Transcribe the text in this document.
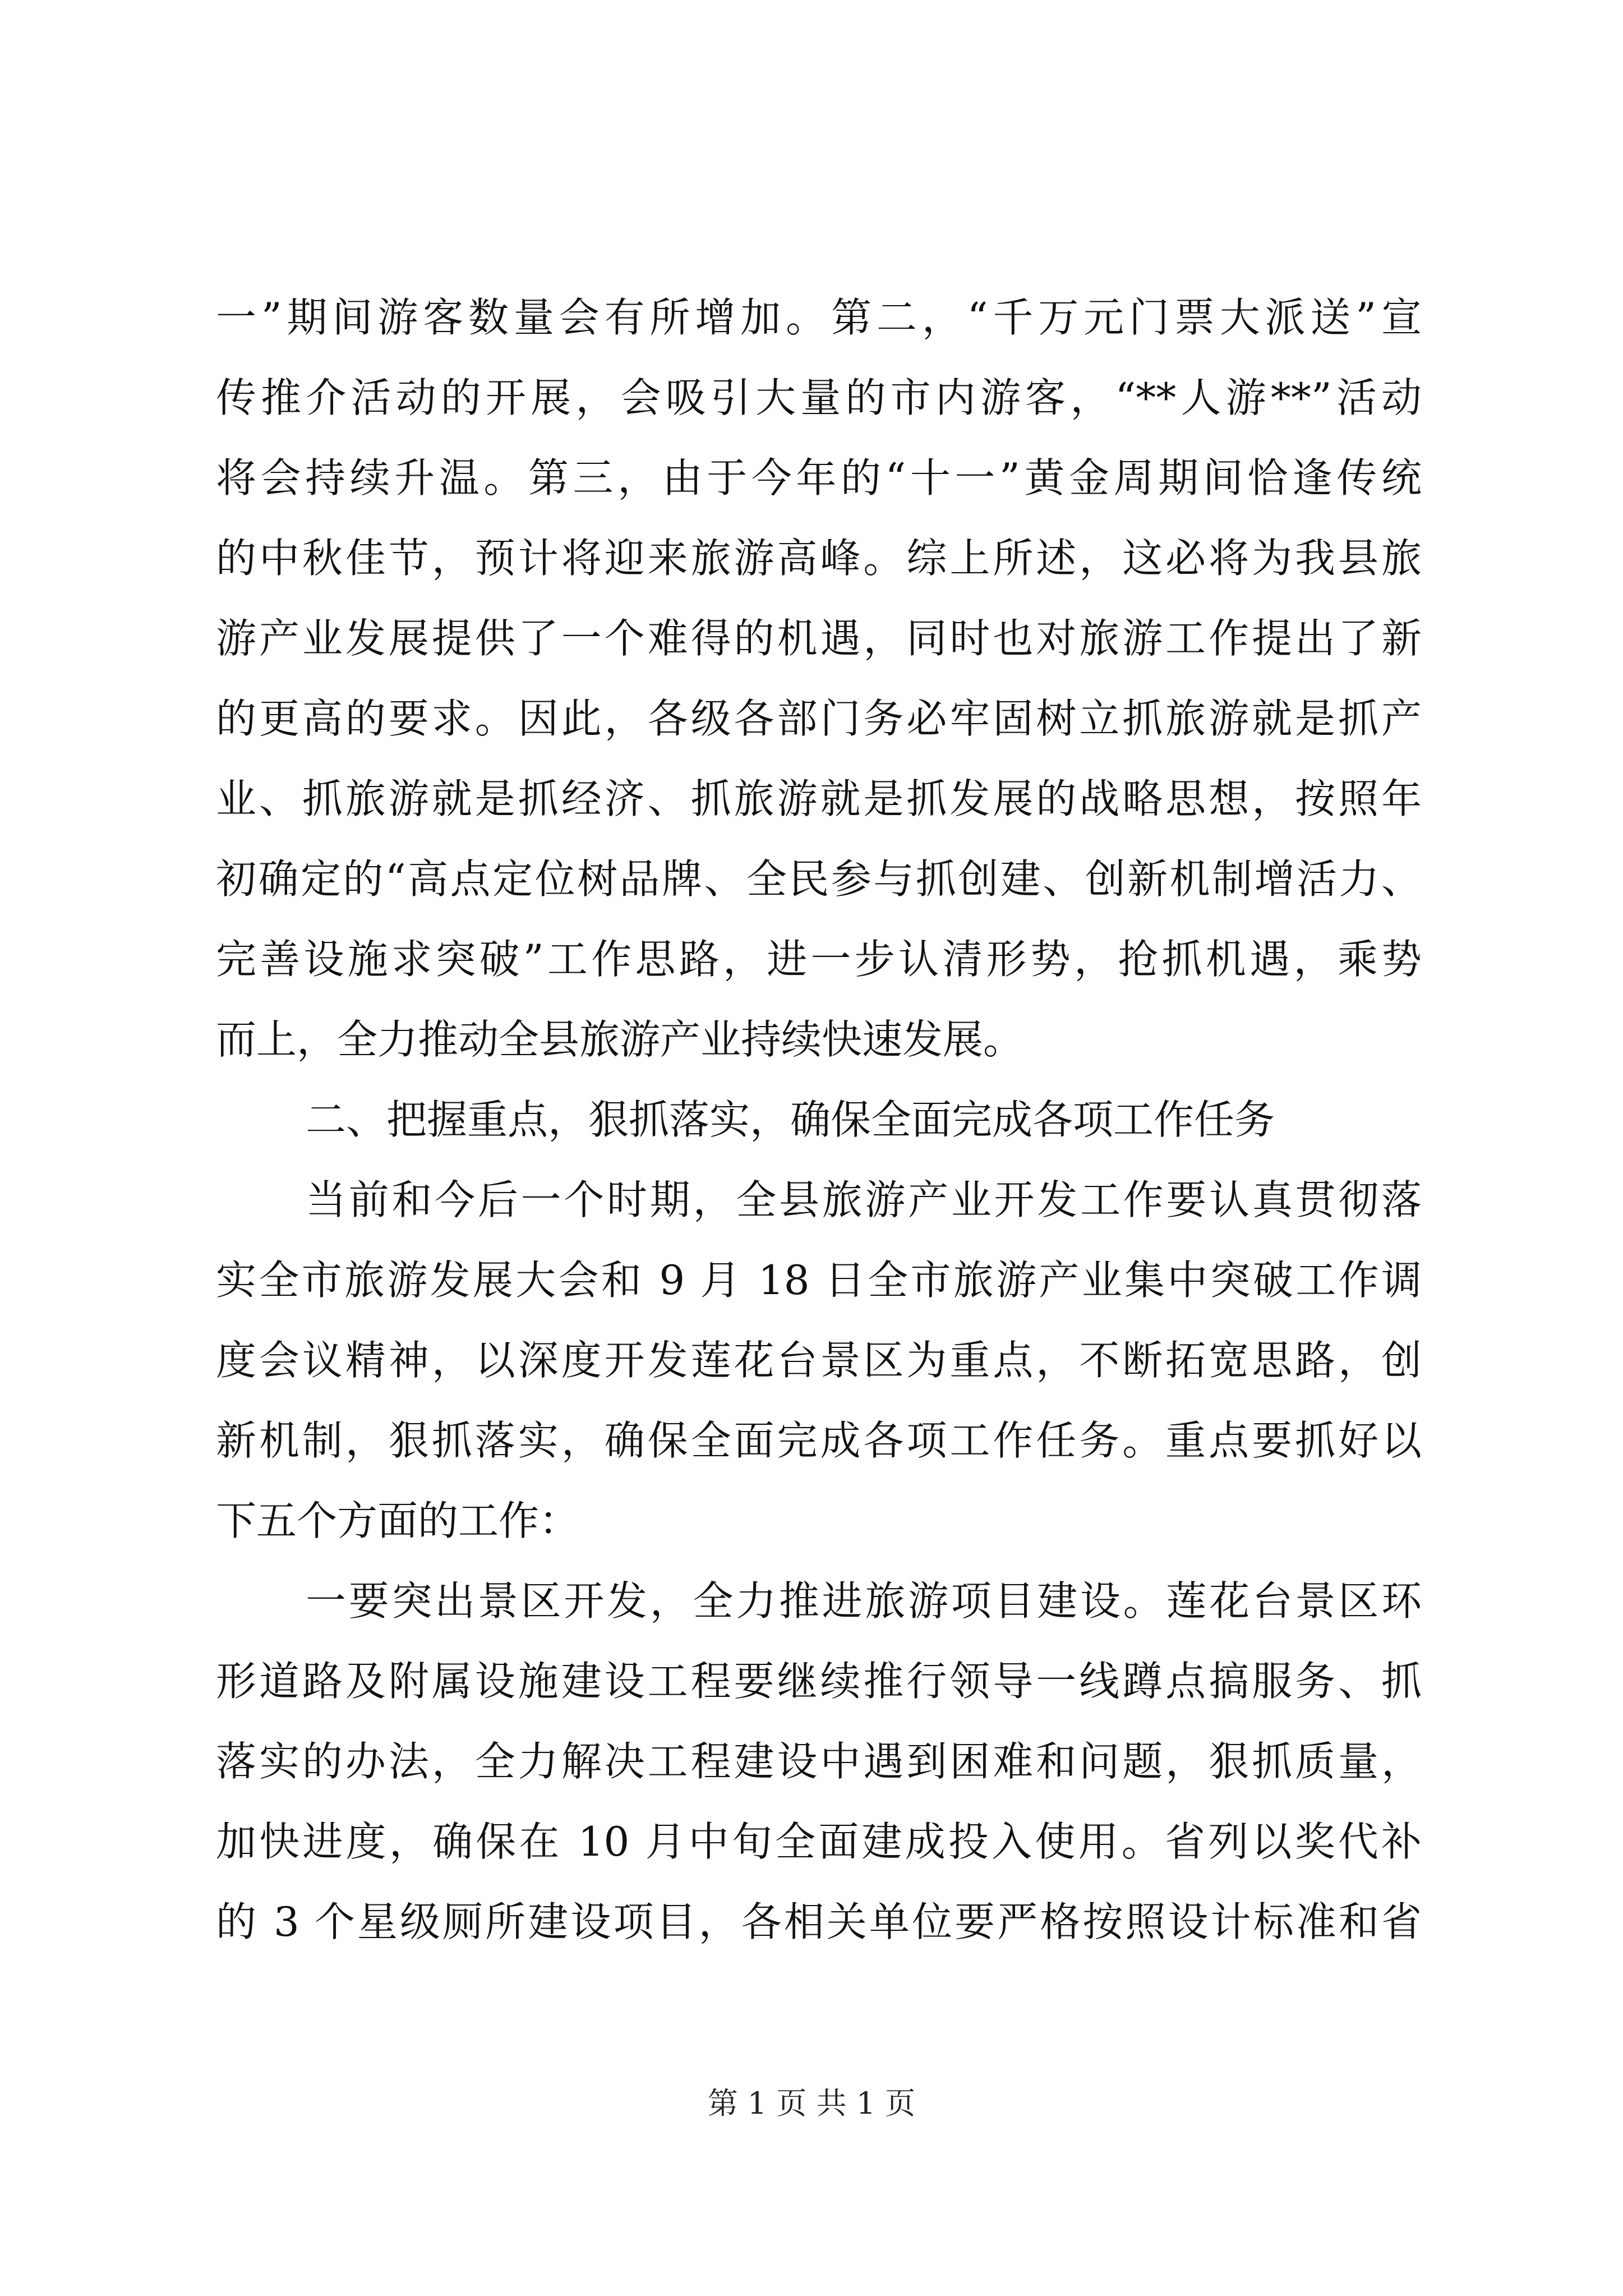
一”期间游客数量会有所增加。第二，“千万元门票大派送”宣
传推介活动的开展，会吸引大量的市内游客，“**人游**”活动
将会持续升温。第三，由于今年的“十一”黄金周期间恰逢传统
的中秋佳节，预计将迎来旅游高峰。综上所述，这必将为我县旅
游产业发展提供了一个难得的机遇，同时也对旅游工作提出了新
的更高的要求。因此，各级各部门务必牢固树立抓旅游就是抓产
业、抓旅游就是抓经济、抓旅游就是抓发展的战略思想，按照年
初确定的“高点定位树品牌、全民参与抓创建、创新机制增活力、
完善设施求突破”工作思路，进一步认清形势，抢抓机遇，乘势
而上，全力推动全县旅游产业持续快速发展。
二、把握重点，狠抓落实，确保全面完成各项工作任务
当前和今后一个时期，全县旅游产业开发工作要认真贯彻落
实全市旅游发展大会和 9 月 18 日全市旅游产业集中突破工作调
度会议精神，以深度开发莲花台景区为重点，不断拓宽思路，创
新机制，狠抓落实，确保全面完成各项工作任务。重点要抓好以
下五个方面的工作：
一要突出景区开发，全力推进旅游项目建设。莲花台景区环
形道路及附属设施建设工程要继续推行领导一线蹲点搞服务、抓
落实的办法，全力解决工程建设中遇到困难和问题，狠抓质量，
加快进度，确保在 10 月中旬全面建成投入使用。省列以奖代补
的 3 个星级厕所建设项目，各相关单位要严格按照设计标准和省
第 1 页 共 1 页
